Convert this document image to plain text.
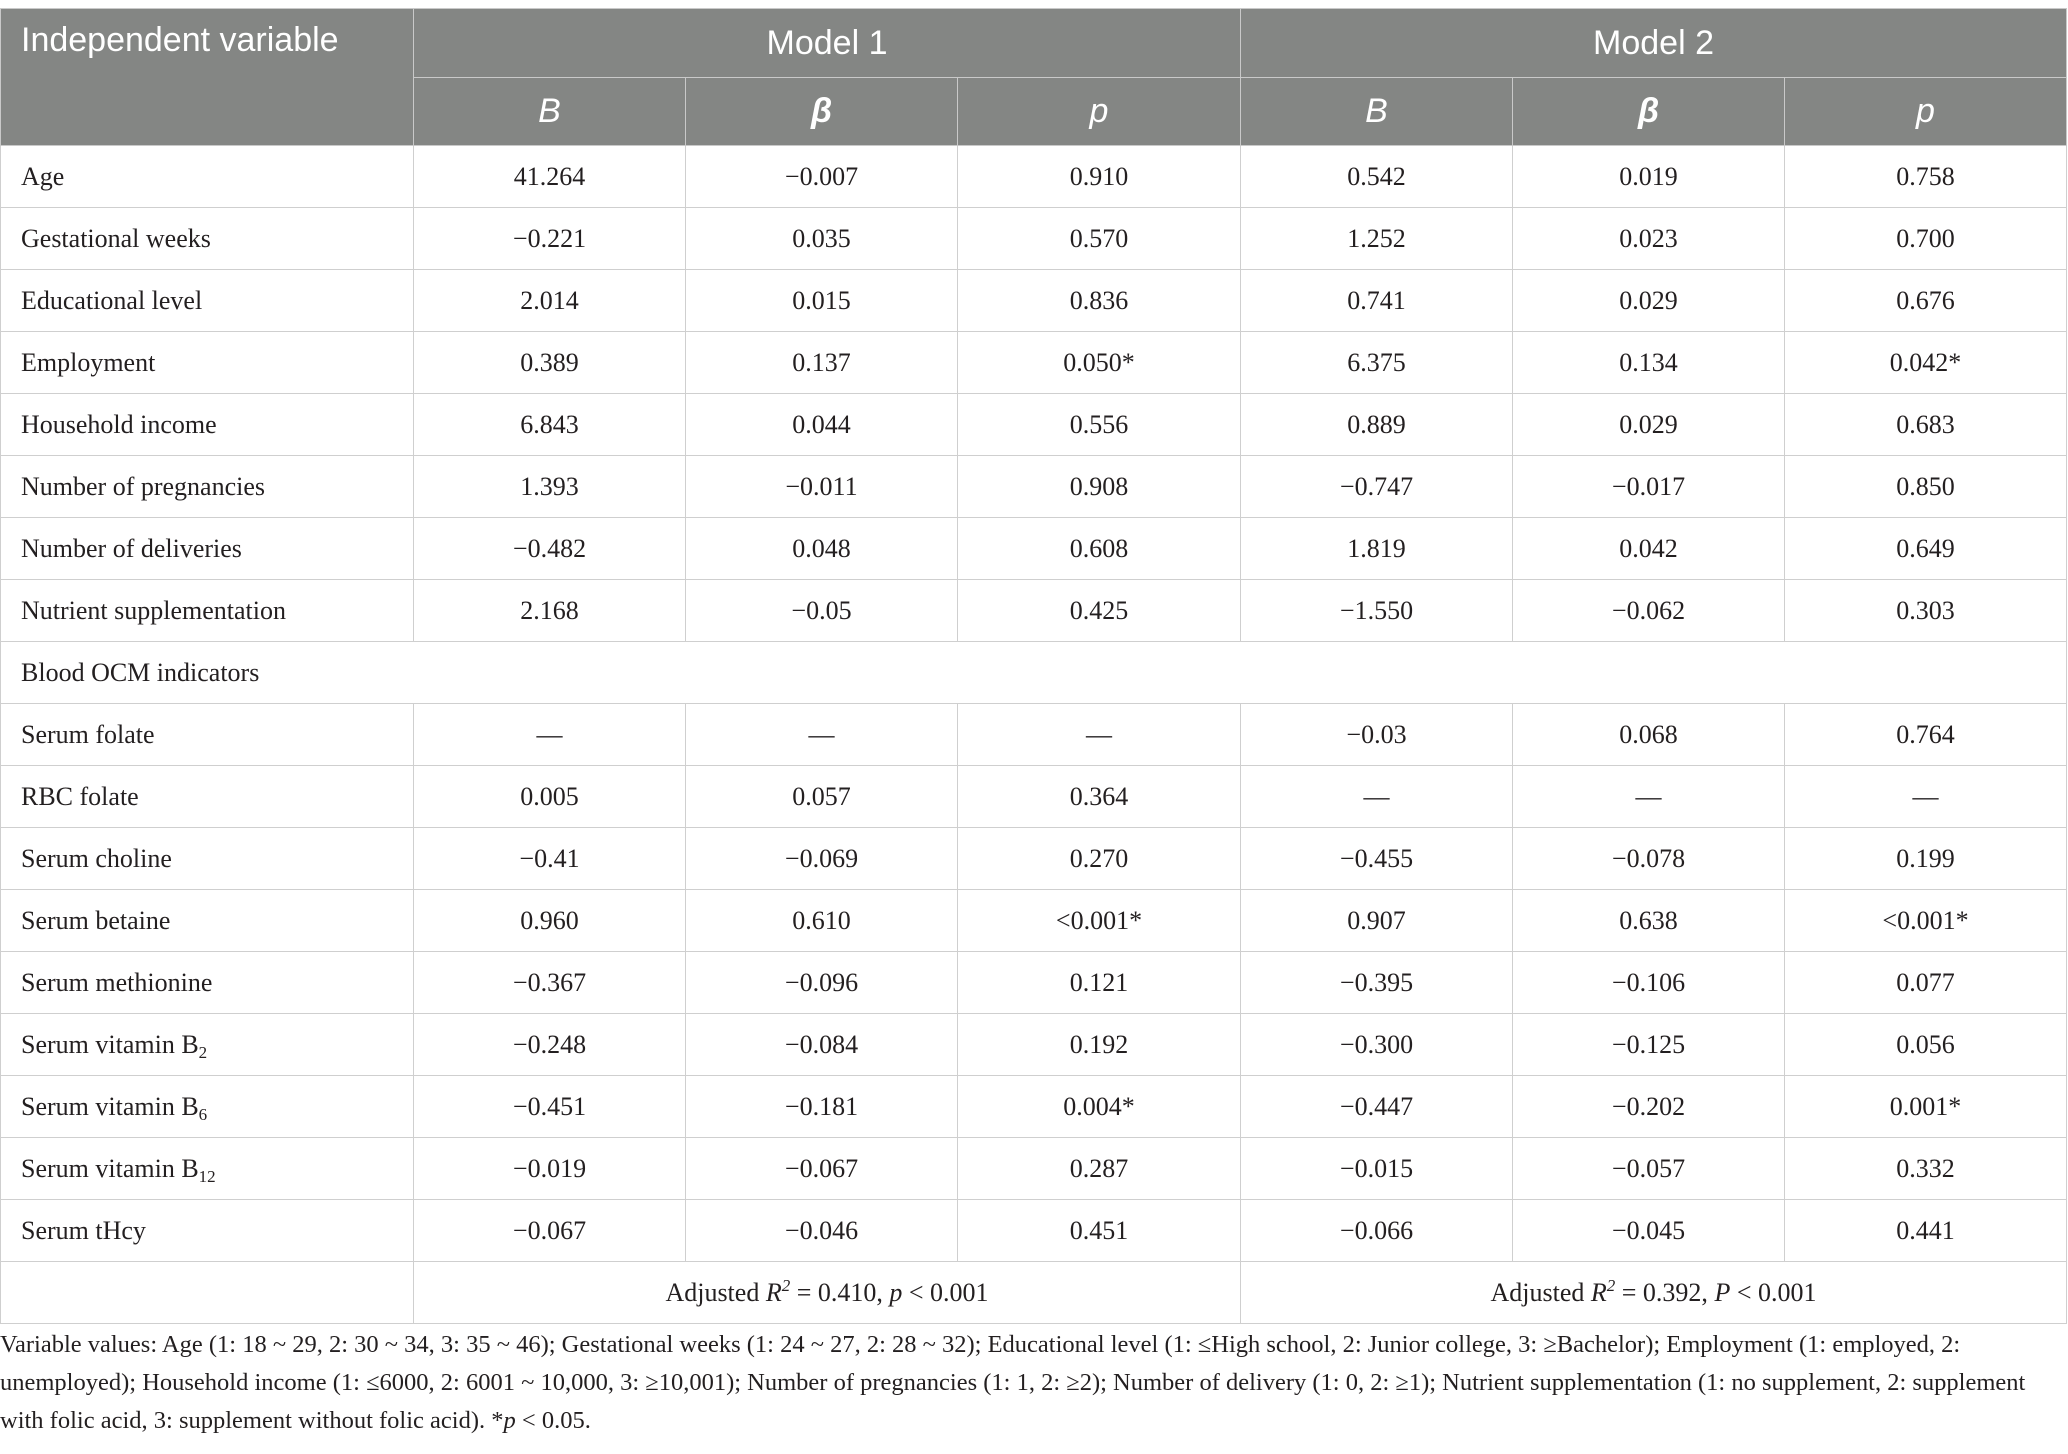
Independent variable	Model 1			Model 2		
	B	β	p	B	β	p
Age	41.264	−0.007	0.910	0.542	0.019	0.758
Gestational weeks	−0.221	0.035	0.570	1.252	0.023	0.700
Educational level	2.014	0.015	0.836	0.741	0.029	0.676
Employment	0.389	0.137	0.050*	6.375	0.134	0.042*
Household income	6.843	0.044	0.556	0.889	0.029	0.683
Number of pregnancies	1.393	−0.011	0.908	−0.747	−0.017	0.850
Number of deliveries	−0.482	0.048	0.608	1.819	0.042	0.649
Nutrient supplementation	2.168	−0.05	0.425	−1.550	−0.062	0.303
Blood OCM indicators						
Serum folate	—	—	—	−0.03	0.068	0.764
RBC folate	0.005	0.057	0.364	—	—	—
Serum choline	−0.41	−0.069	0.270	−0.455	−0.078	0.199
Serum betaine	0.960	0.610	<0.001*	0.907	0.638	<0.001*
Serum methionine	−0.367	−0.096	0.121	−0.395	−0.106	0.077
Serum vitamin $B_2$	−0.248	−0.084	0.192	−0.300	−0.125	0.056
Serum vitamin $B_6$	−0.451	−0.181	0.004*	−0.447	−0.202	0.001*
Serum vitamin $B_{12}$	−0.019	−0.067	0.287	−0.015	−0.057	0.332
Serum tHcy	−0.067	−0.046	0.451	−0.066	−0.045	0.441
	Adjusted $R^2 = 0.410$, p < 0.001			Adjusted $R^2 = 0.392$, P < 0.001		
Variable values: Age (1: 18 ~ 29, 2: 30 ~ 34, 3: 35 ~ 46); Gestational weeks (1: 24 ~ 27, 2: 28 ~ 32); Educational level (1: ≤High school, 2: Junior college, 3: ≥Bachelor); Employment (1: employed, 2: unemployed); Household income (1: ≤6000, 2: 6001 ~ 10,000, 3: ≥10,001); Number of pregnancies (1: 1, 2: ≥2); Number of delivery (1: 0, 2: ≥1); Nutrient supplementation (1: no supplement, 2: supplement with folic acid, 3: supplement without folic acid). *p < 0.05.
